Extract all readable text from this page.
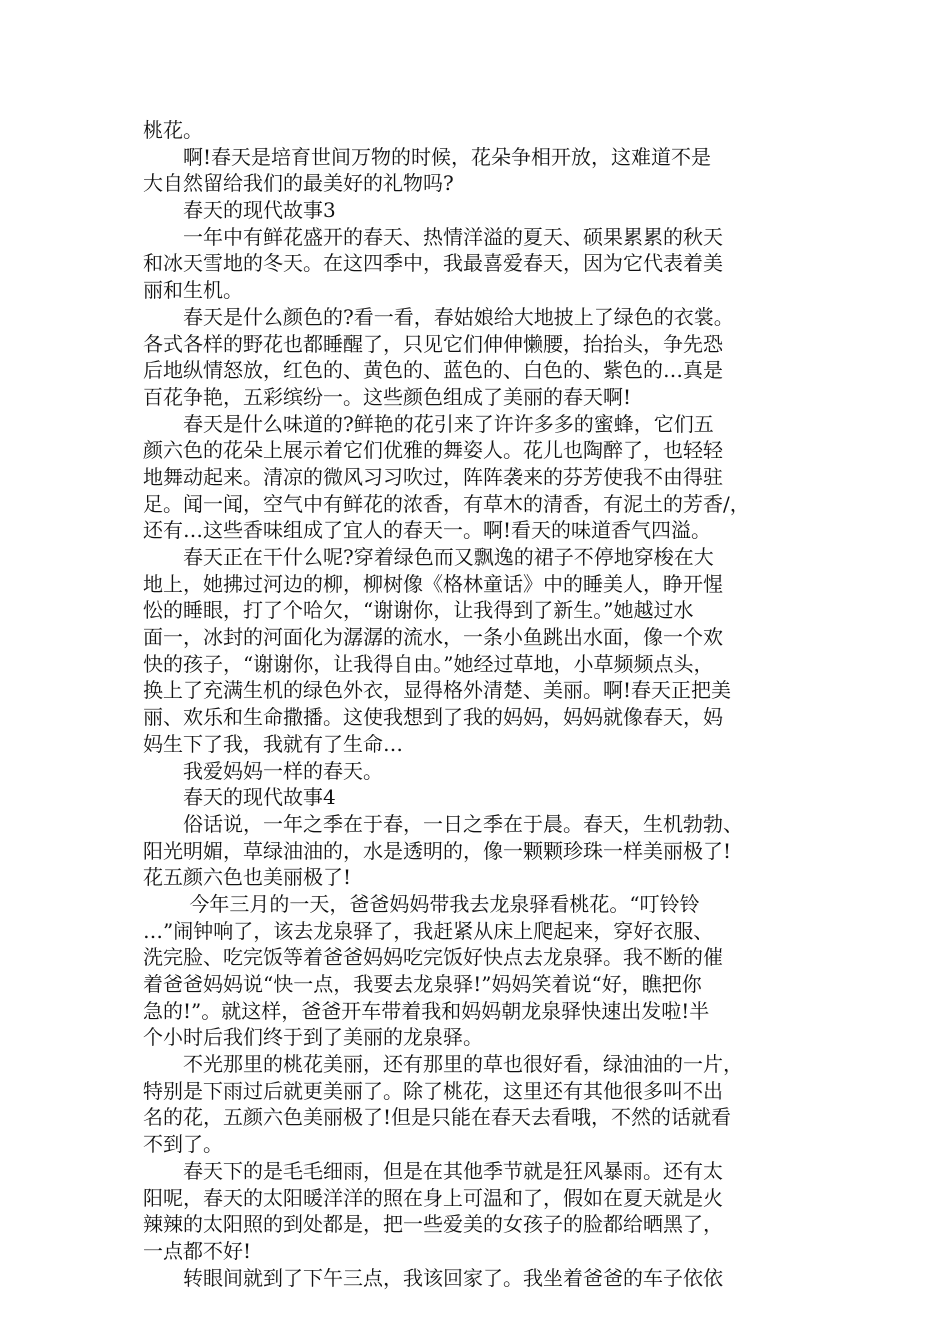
桃花。
　　啊!春天是培育世间万物的时候，花朵争相开放，这难道不是
大自然留给我们的最美好的礼物吗?
　　春天的现代故事3
　　一年中有鲜花盛开的春天、热情洋溢的夏天、硕果累累的秋天
和冰天雪地的冬天。在这四季中，我最喜爱春天，因为它代表着美
丽和生机。
　　春天是什么颜色的?看一看，春姑娘给大地披上了绿色的衣裳。
各式各样的野花也都睡醒了，只见它们伸伸懒腰，抬抬头，争先恐
后地纵情怒放，红色的、黄色的、蓝色的、白色的、紫色的…真是
百花争艳，五彩缤纷一。这些颜色组成了美丽的春天啊!
　　春天是什么味道的?鲜艳的花引来了许许多多的蜜蜂，它们五
颜六色的花朵上展示着它们优雅的舞姿人。花儿也陶醉了，也轻轻
地舞动起来。清凉的微风习习吹过，阵阵袭来的芬芳使我不由得驻
足。闻一闻，空气中有鲜花的浓香，有草木的清香，有泥土的芳香/，
还有…这些香味组成了宜人的春天一。啊!看天的味道香气四溢。
　　春天正在干什么呢?穿着绿色而又飘逸的裙子不停地穿梭在大
地上，她拂过河边的柳，柳树像《格林童话》中的睡美人，睁开惺
忪的睡眼，打了个哈欠，“谢谢你，让我得到了新生。”她越过水
面一，冰封的河面化为潺潺的流水，一条小鱼跳出水面，像一个欢
快的孩子，“谢谢你，让我得自由。”她经过草地，小草频频点头，
换上了充满生机的绿色外衣，显得格外清楚、美丽。啊!春天正把美
丽、欢乐和生命撒播。这使我想到了我的妈妈，妈妈就像春天，妈
妈生下了我，我就有了生命…
　　我爱妈妈一样的春天。
　　春天的现代故事4
　　俗话说，一年之季在于春，一日之季在于晨。春天，生机勃勃、
阳光明媚，草绿油油的，水是透明的，像一颗颗珍珠一样美丽极了!
花五颜六色也美丽极了!
　　 今年三月的一天，爸爸妈妈带我去龙泉驿看桃花。“叮铃铃
…”闹钟响了，该去龙泉驿了，我赶紧从床上爬起来，穿好衣服、
洗完脸、吃完饭等着爸爸妈妈吃完饭好快点去龙泉驿。我不断的催
着爸爸妈妈说“快一点，我要去龙泉驿!”妈妈笑着说“好，瞧把你
急的!”。就这样，爸爸开车带着我和妈妈朝龙泉驿快速出发啦!半
个小时后我们终于到了美丽的龙泉驿。
　　不光那里的桃花美丽，还有那里的草也很好看，绿油油的一片，
特别是下雨过后就更美丽了。除了桃花，这里还有其他很多叫不出
名的花，五颜六色美丽极了!但是只能在春天去看哦，不然的话就看
不到了。
　　春天下的是毛毛细雨，但是在其他季节就是狂风暴雨。还有太
阳呢，春天的太阳暖洋洋的照在身上可温和了，假如在夏天就是火
辣辣的太阳照的到处都是，把一些爱美的女孩子的脸都给晒黑了，
一点都不好!
　　转眼间就到了下午三点，我该回家了。我坐着爸爸的车子依依
